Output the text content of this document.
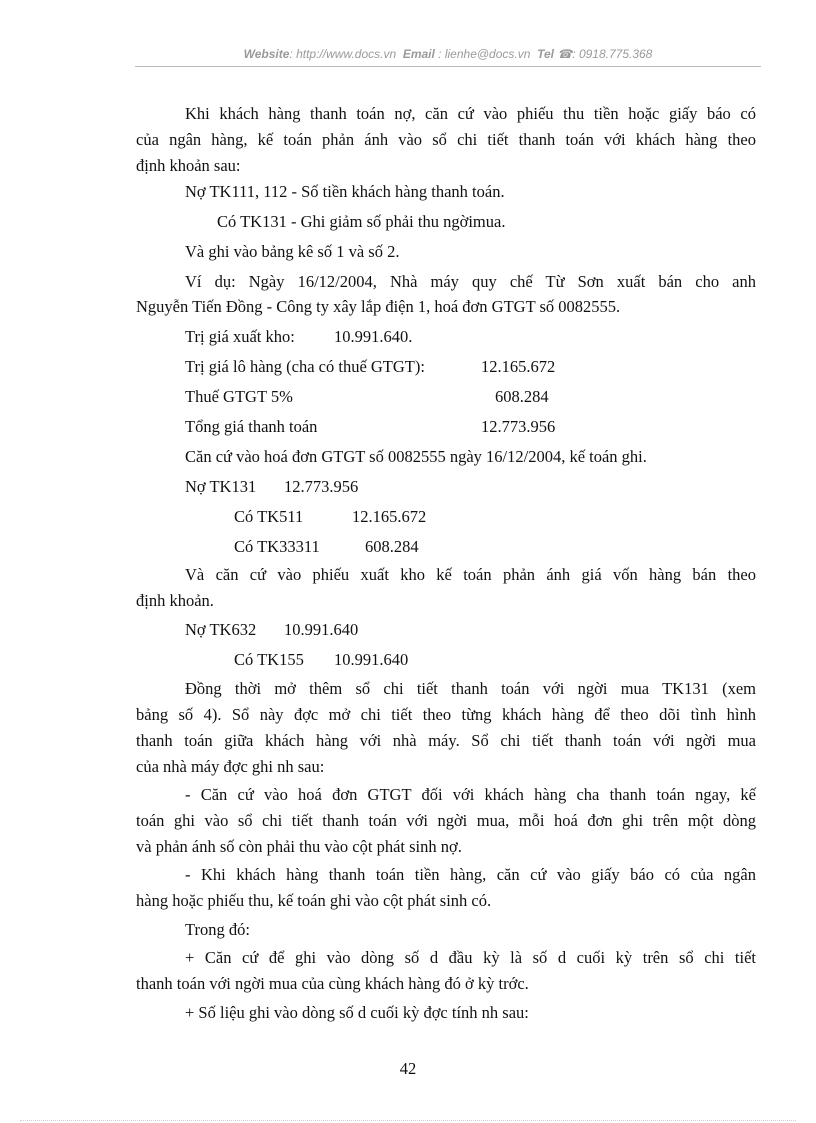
Website: http://www.docs.vn Email : lienhe@docs.vn Tel ☎: 0918.775.368
Khi khách hàng thanh toán nợ, căn cứ vào phiếu thu tiền hoặc giấy báo có
của ngân hàng, kế toán phản ánh vào sổ chi tiết thanh toán với khách hàng theo
định khoản sau:
Nợ TK111, 112 - Số tiền khách hàng thanh toán.
Có TK131 - Ghi giảm số phải thu ngờimua.
Và ghi vào bảng kê số 1 và số 2.
Ví dụ: Ngày 16/12/2004, Nhà máy quy chế Từ Sơn xuất bán cho anh
Nguyễn Tiến Đồng - Công ty xây lắp điện 1, hoá đơn GTGT số 0082555.
Trị giá xuất kho: 10.991.640.
Trị giá lô hàng (cha có thuế GTGT):	12.165.672
Thuế GTGT 5%	608.284
Tổng giá thanh toán	12.773.956
Căn cứ vào hoá đơn GTGT số 0082555 ngày 16/12/2004, kế toán ghi.
Nợ TK131 12.773.956
Có TK511	12.165.672
Có TK33311	608.284
Và căn cứ vào phiếu xuất kho kế toán phản ánh giá vốn hàng bán theo
định khoản.
Nợ TK632 10.991.640
Có TK155 10.991.640
Đồng thời mở thêm sổ chi tiết thanh toán với ngời mua TK131 (xem
bảng số 4). Sổ này đợc mở chi tiết theo từng khách hàng để theo dõi tình hình
thanh toán giữa khách hàng với nhà máy. Sổ chi tiết thanh toán với ngời mua
của nhà máy đợc ghi nh sau:
- Căn cứ vào hoá đơn GTGT đối với khách hàng cha thanh toán ngay, kế
toán ghi vào sổ chi tiết thanh toán với ngời mua, mỗi hoá đơn ghi trên một dòng
và phản ánh số còn phải thu vào cột phát sinh nợ.
- Khi khách hàng thanh toán tiền hàng, căn cứ vào giấy báo có của ngân
hàng hoặc phiếu thu, kế toán ghi vào cột phát sinh có.
Trong đó:
+ Căn cứ để ghi vào dòng số d đầu kỳ là số d cuối kỳ trên sổ chi tiết
thanh toán với ngời mua của cùng khách hàng đó ở kỳ trớc.
+ Số liệu ghi vào dòng số d cuối kỳ đợc tính nh sau:
42
